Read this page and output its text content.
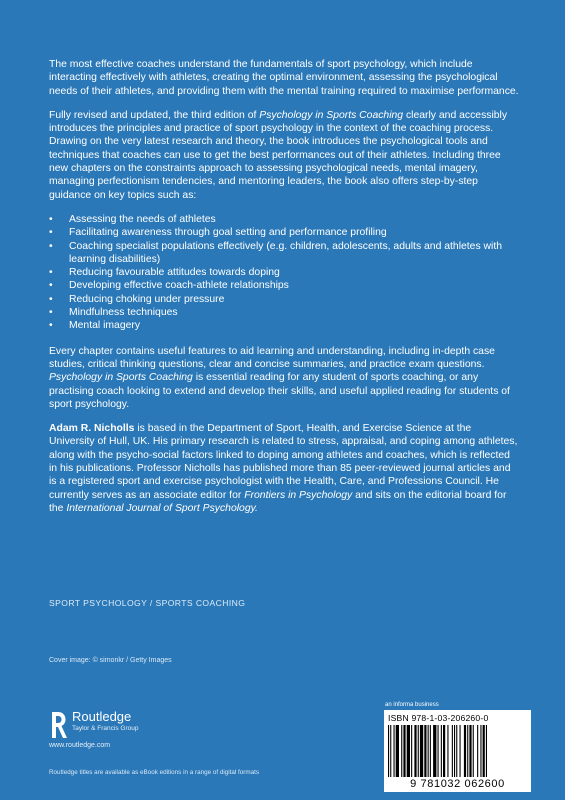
The most effective coaches understand the fundamentals of sport psychology, which include interacting effectively with athletes, creating the optimal environment, assessing the psychological needs of their athletes, and providing them with the mental training required to maximise performance.

Fully revised and updated, the third edition of Psychology in Sports Coaching clearly and accessibly introduces the principles and practice of sport psychology in the context of the coaching process. Drawing on the very latest research and theory, the book introduces the psychological tools and techniques that coaches can use to get the best performances out of their athletes. Including three new chapters on the constraints approach to assessing psychological needs, mental imagery, managing perfectionism tendencies, and mentoring leaders, the book also offers step-by-step guidance on key topics such as:

• Assessing the needs of athletes
• Facilitating awareness through goal setting and performance profiling
• Coaching specialist populations effectively (e.g. children, adolescents, adults and athletes with learning disabilities)
• Reducing favourable attitudes towards doping
• Developing effective coach-athlete relationships
• Reducing choking under pressure
• Mindfulness techniques
• Mental imagery

Every chapter contains useful features to aid learning and understanding, including in-depth case studies, critical thinking questions, clear and concise summaries, and practice exam questions. Psychology in Sports Coaching is essential reading for any student of sports coaching, or any practising coach looking to extend and develop their skills, and useful applied reading for students of sport psychology.

Adam R. Nicholls is based in the Department of Sport, Health, and Exercise Science at the University of Hull, UK. His primary research is related to stress, appraisal, and coping among athletes, along with the psycho-social factors linked to doping among athletes and coaches, which is reflected in his publications. Professor Nicholls has published more than 85 peer-reviewed journal articles and is a registered sport and exercise psychologist with the Health, Care, and Professions Council. He currently serves as an associate editor for Frontiers in Psychology and sits on the editorial board for the International Journal of Sport Psychology.

SPORT PSYCHOLOGY / SPORTS COACHING
Cover image: © simonkr / Getty Images
Routledge
Taylor & Francis Group
www.routledge.com
Routledge titles are available as eBook editions in a range of digital formats
an informa business
ISBN 978-1-03-206260-0
9 781032 062600
